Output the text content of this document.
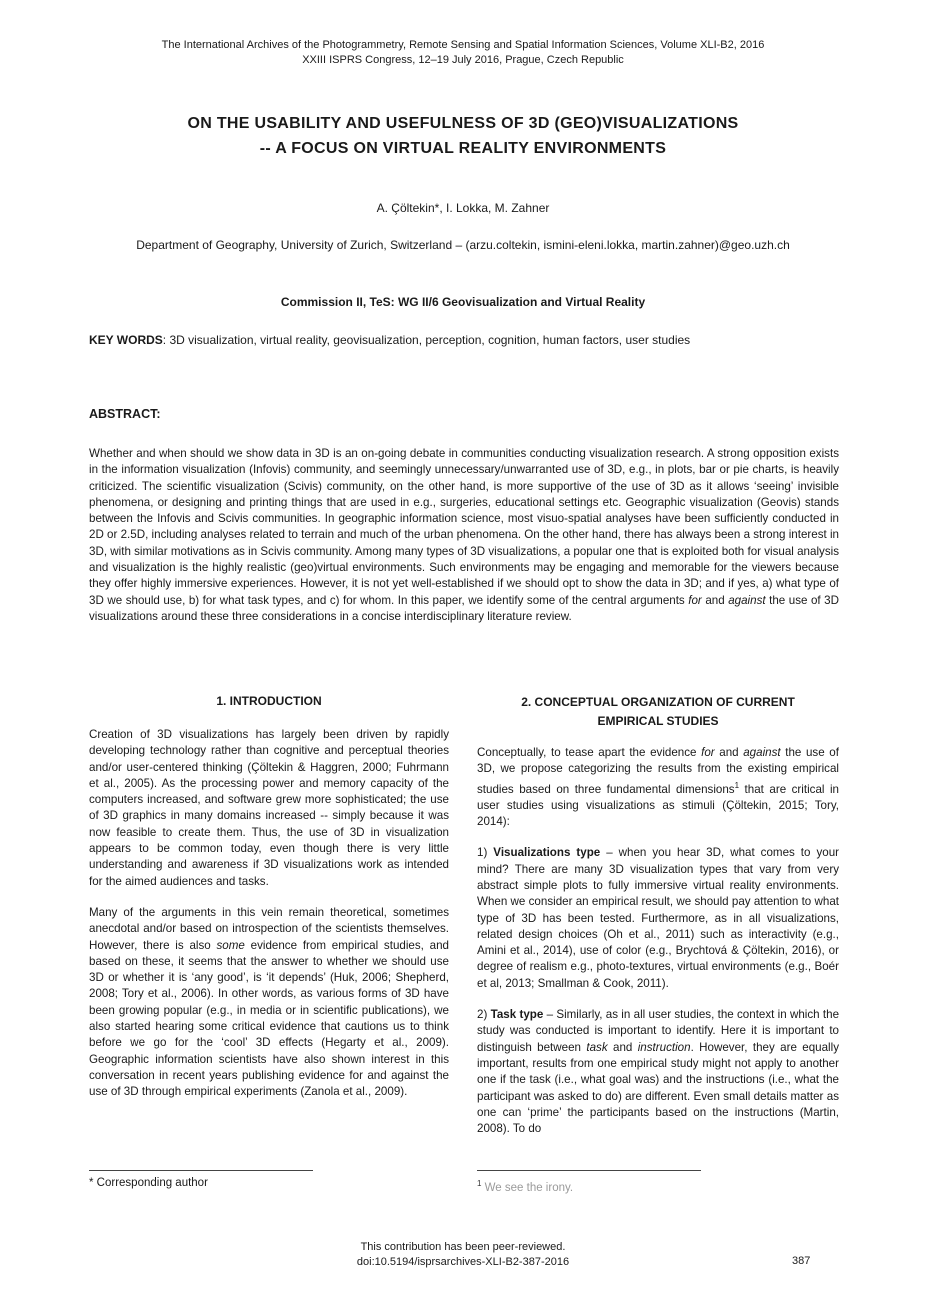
The International Archives of the Photogrammetry, Remote Sensing and Spatial Information Sciences, Volume XLI-B2, 2016
XXIII ISPRS Congress, 12–19 July 2016, Prague, Czech Republic
ON THE USABILITY AND USEFULNESS OF 3D (GEO)VISUALIZATIONS
-- A FOCUS ON VIRTUAL REALITY ENVIRONMENTS
A. Çöltekin*, I. Lokka, M. Zahner
Department of Geography, University of Zurich, Switzerland – (arzu.coltekin, ismini-eleni.lokka, martin.zahner)@geo.uzh.ch
Commission II, TeS: WG II/6 Geovisualization and Virtual Reality
KEY WORDS: 3D visualization, virtual reality, geovisualization, perception, cognition, human factors, user studies
ABSTRACT:
Whether and when should we show data in 3D is an on-going debate in communities conducting visualization research. A strong opposition exists in the information visualization (Infovis) community, and seemingly unnecessary/unwarranted use of 3D, e.g., in plots, bar or pie charts, is heavily criticized. The scientific visualization (Scivis) community, on the other hand, is more supportive of the use of 3D as it allows ‘seeing’ invisible phenomena, or designing and printing things that are used in e.g., surgeries, educational settings etc. Geographic visualization (Geovis) stands between the Infovis and Scivis communities. In geographic information science, most visuo-spatial analyses have been sufficiently conducted in 2D or 2.5D, including analyses related to terrain and much of the urban phenomena. On the other hand, there has always been a strong interest in 3D, with similar motivations as in Scivis community. Among many types of 3D visualizations, a popular one that is exploited both for visual analysis and visualization is the highly realistic (geo)virtual environments. Such environments may be engaging and memorable for the viewers because they offer highly immersive experiences. However, it is not yet well-established if we should opt to show the data in 3D; and if yes, a) what type of 3D we should use, b) for what task types, and c) for whom. In this paper, we identify some of the central arguments for and against the use of 3D visualizations around these three considerations in a concise interdisciplinary literature review.
1. INTRODUCTION

Creation of 3D visualizations has largely been driven by rapidly developing technology rather than cognitive and perceptual theories and/or user-centered thinking (Çöltekin & Haggren, 2000; Fuhrmann et al., 2005). As the processing power and memory capacity of the computers increased, and software grew more sophisticated; the use of 3D graphics in many domains increased -- simply because it was now feasible to create them. Thus, the use of 3D in visualization appears to be common today, even though there is very little understanding and awareness if 3D visualizations work as intended for the aimed audiences and tasks.

Many of the arguments in this vein remain theoretical, sometimes anecdotal and/or based on introspection of the scientists themselves. However, there is also some evidence from empirical studies, and based on these, it seems that the answer to whether we should use 3D or whether it is ‘any good’, is ‘it depends’ (Huk, 2006; Shepherd, 2008; Tory et al., 2006). In other words, as various forms of 3D have been growing popular (e.g., in media or in scientific publications), we also started hearing some critical evidence that cautions us to think before we go for the ‘cool’ 3D effects (Hegarty et al., 2009). Geographic information scientists have also shown interest in this conversation in recent years publishing evidence for and against the use of 3D through empirical experiments (Zanola et al., 2009).

* Corresponding author
2. CONCEPTUAL ORGANIZATION OF CURRENT
EMPIRICAL STUDIES

Conceptually, to tease apart the evidence for and against the use of 3D, we propose categorizing the results from the existing empirical studies based on three fundamental dimensions$^1$ that are critical in user studies using visualizations as stimuli (Çöltekin, 2015; Tory, 2014):

1) Visualizations type – when you hear 3D, what comes to your mind? There are many 3D visualization types that vary from very abstract simple plots to fully immersive virtual reality environments. When we consider an empirical result, we should pay attention to what type of 3D has been tested. Furthermore, as in all visualizations, related design choices (Oh et al., 2011) such as interactivity (e.g., Amini et al., 2014), use of color (e.g., Brychtová & Çöltekin, 2016), or degree of realism e.g., photo-textures, virtual environments (e.g., Boér et al, 2013; Smallman & Cook, 2011).

2) Task type – Similarly, as in all user studies, the context in which the study was conducted is important to identify. Here it is important to distinguish between task and instruction. However, they are equally important, results from one empirical study might not apply to another one if the task (i.e., what goal was) and the instructions (i.e., what the participant was asked to do) are different. Even small details matter as one can ‘prime’ the participants based on the instructions (Martin, 2008). To do

$^1$ We see the irony.
This contribution has been peer-reviewed.
doi:10.5194/isprsarchives-XLI-B2-387-2016	387
